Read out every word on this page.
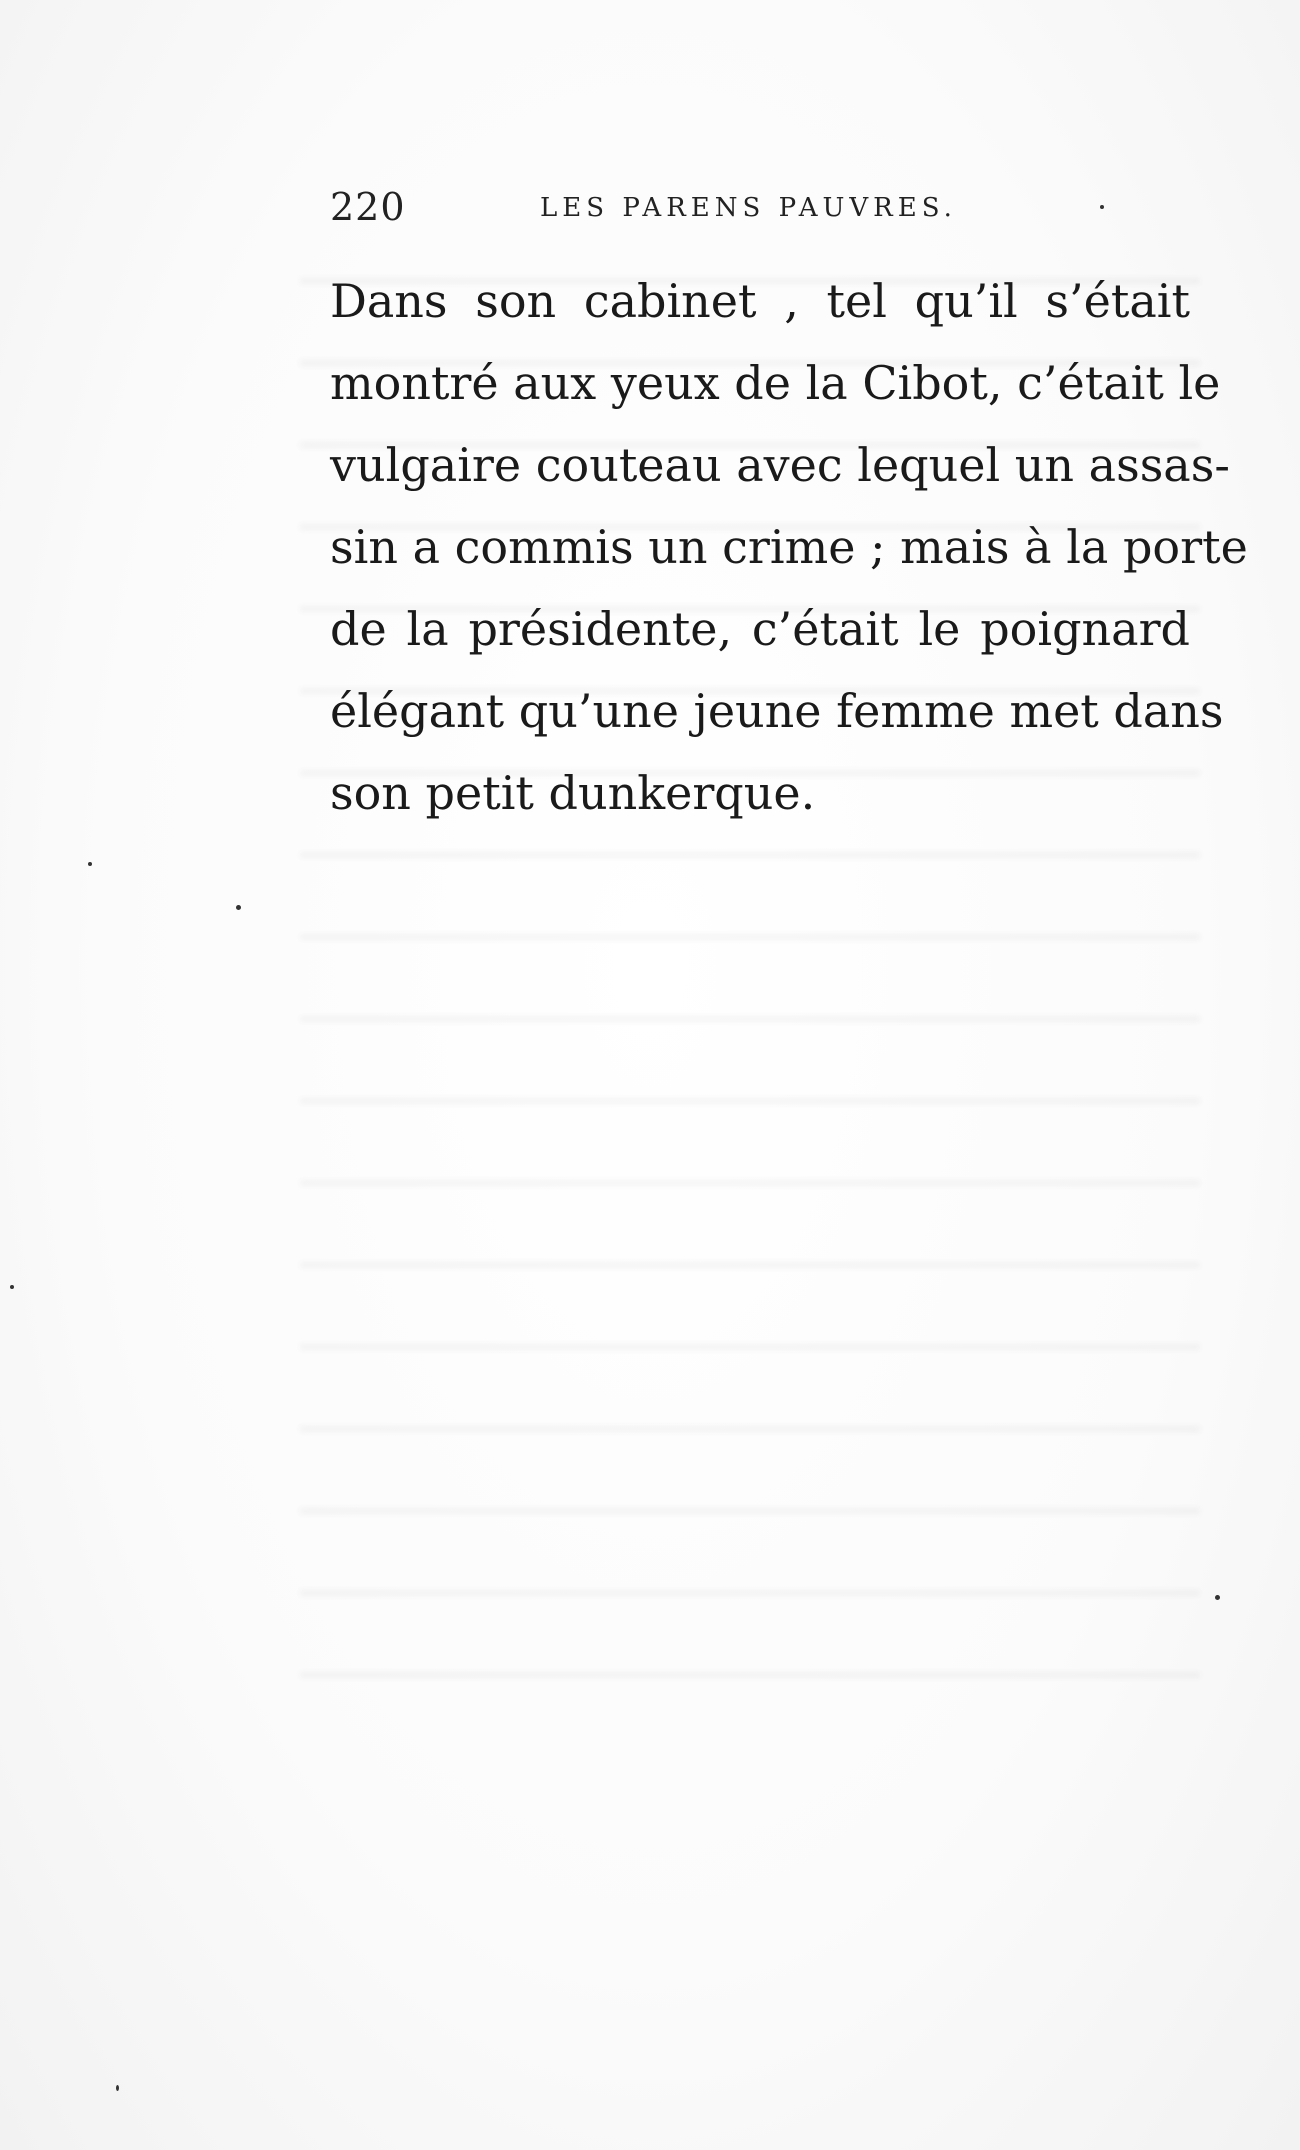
220	LES PARENS PAUVRES.
Dans son cabinet , tel qu’il s’était
montré aux yeux de la Cibot, c’était le
vulgaire couteau avec lequel un assas-
sin a commis un crime ; mais à la porte
de la présidente, c’était le poignard
élégant qu’une jeune femme met dans
son petit dunkerque.
